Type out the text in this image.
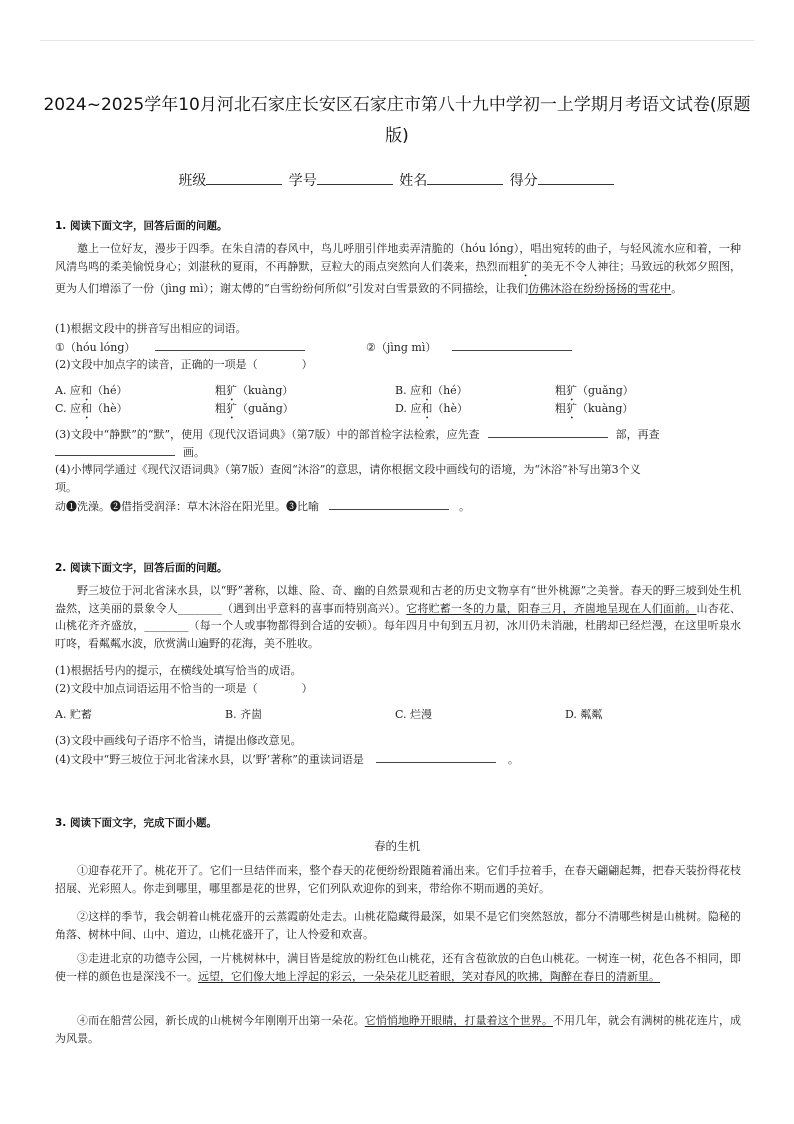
2024~2025学年10月河北石家庄长安区石家庄市第八十九中学初一上学期月考语文试卷(原题
版)
班级	学号	姓名	得分
1. 阅读下面文字，回答后面的问题。

邀上一位好友，漫步于四季。在朱自清的春风中，鸟儿呼朋引伴地卖弄清脆的（hóu lóng），唱出宛转的曲子，与轻风流水应和着，一种风清鸟鸣的柔美愉悦身心；刘湛秋的夏雨，不再静默，豆粒大的雨点突然向人们袭来，热烈而粗犷的美无不令人神往；马致远的秋郊夕照图，更为人们增添了一份（jìng mì）；谢太傅的“白雪纷纷何所似”引发对白雪景致的不同描绘，让我们仿佛沐浴在纷纷扬扬的雪花中。

(1)根据文段中的拼音写出相应的词语。
①（hóu lóng）	②（jìng mì）
(2)文段中加点字的读音，正确的一项是（　　　　）
A. 应和（hé）	粗犷（kuàng）	B. 应和（hé）	粗犷（guǎng）
C. 应和（hè）	粗犷（guǎng）	D. 应和（hè）	粗犷（kuàng）
(3)文段中“静默”的“默”，使用《现代汉语词典》（第7版）中的部首检字法检索，应先查	部，再查
画。
(4)小博同学通过《现代汉语词典》（第7版）查阅“沐浴”的意思，请你根据文段中画线句的语境，为“沐浴”补写出第3个义
项。
动❶洗澡。❷借指受润泽：草木沐浴在阳光里。❸比喻	。
2. 阅读下面文字，回答后面的问题。

野三坡位于河北省涞水县，以“野”著称，以雄、险、奇、幽的自然景观和古老的历史文物享有“世外桃源”之美誉。春天的野三坡到处生机盎然，这美丽的景象令人________（遇到出乎意料的喜事而特别高兴）。它将贮蓄一冬的力量，阳春三月，齐崮地呈现在人们面前。山杏花、山桃花齐齐盛放，________（每一个人或事物都得到合适的安顿）。每年四月中旬到五月初，冰川仍未消融，杜鹃却已经烂漫，在这里听泉水叮咚，看粼粼水波，欣赏满山遍野的花海，美不胜收。

(1)根据括号内的提示，在横线处填写恰当的成语。
(2)文段中加点词语运用不恰当的一项是（　　　　）
A. 贮蓄	B. 齐崮	C. 烂漫	D. 粼粼
(3)文段中画线句子语序不恰当，请提出修改意见。
(4)文段中“野三坡位于河北省涞水县，以‘野’著称”的重读词语是	。
3. 阅读下面文字，完成下面小题。
春的生机

①迎春花开了。桃花开了。它们一旦结伴而来，整个春天的花便纷纷跟随着涌出来。它们手拉着手，在春天翩翩起舞，把春天装扮得花枝招展、光彩照人。你走到哪里，哪里都是花的世界，它们列队欢迎你的到来，带给你不期而遇的美好。

②这样的季节，我会朝着山桃花盛开的云蒸霞蔚处走去。山桃花隐藏得最深，如果不是它们突然怒放，都分不清哪些树是山桃树。隐秘的角落、树林中间、山中、道边，山桃花盛开了，让人怜爱和欢喜。

③走进北京的功德寺公园，一片桃树林中，满目皆是绽放的粉红色山桃花，还有含苞欲放的白色山桃花。一树连一树，花色各不相同，即使一样的颜色也是深浅不一。远望，它们像大地上浮起的彩云，一朵朵花儿眨着眼，笑对春风的吹拂，陶醉在春日的清新里。

④而在船营公园，新长成的山桃树今年刚刚开出第一朵花。它悄悄地睁开眼睛，打量着这个世界。不用几年，就会有满树的桃花连片，成为风景。
